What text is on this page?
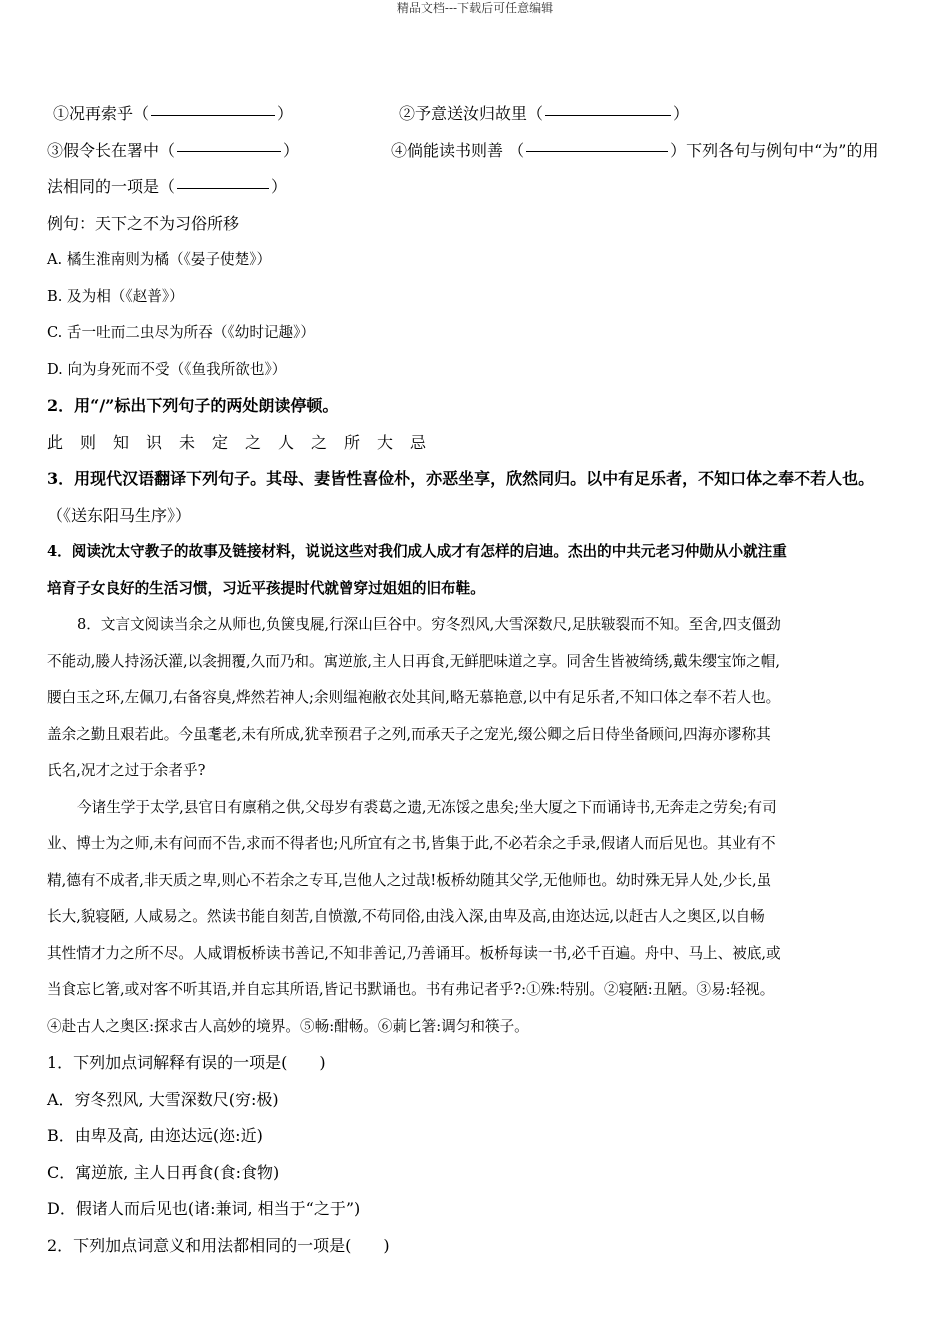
精品文档---下载后可任意编辑
①况再索乎（	）	②予意送汝归故里（	）
③假令长在署中（	）	④倘能读书则善 （	）下列各句与例句中“为”的用
法相同的一项是（	）
例句：天下之不为习俗所移
A. 橘生淮南则为橘（《晏子使楚》）
B. 及为相（《赵普》）
C. 舌一吐而二虫尽为所吞（《幼时记趣》）
D. 向为身死而不受（《鱼我所欲也》）
2．用“/”标出下列句子的两处朗读停顿。
此则知识未定之人之所大忌
3．用现代汉语翻译下列句子。其母、妻皆性喜俭朴，亦恶坐享，欣然同归。以中有足乐者，不知口体之奉不若人也。
（《送东阳马生序》）
4．阅读沈太守教子的故事及链接材料，说说这些对我们成人成才有怎样的启迪。杰出的中共元老习仲勋从小就注重
培育子女良好的生活习惯，习近平孩提时代就曾穿过姐姐的旧布鞋。
8．文言文阅读当余之从师也,负箧曳屣,行深山巨谷中。穷冬烈风,大雪深数尺,足肤皲裂而不知。至舍,四支僵劲
不能动,媵人持汤沃灌,以衾拥覆,久而乃和。寓逆旅,主人日再食,无鲜肥味道之享。同舍生皆被绮绣,戴朱缨宝饰之帽,
腰白玉之环,左佩刀,右备容臭,烨然若神人;余则缊袍敝衣处其间,略无慕艳意,以中有足乐者,不知口体之奉不若人也。
盖余之勤且艰若此。今虽耄老,未有所成,犹幸预君子之列,而承天子之宠光,缀公卿之后日侍坐备顾问,四海亦谬称其
氏名,况才之过于余者乎?
今诸生学于太学,县官日有廪稍之供,父母岁有裘葛之遗,无冻馁之患矣;坐大厦之下而诵诗书,无奔走之劳矣;有司
业、博士为之师,未有问而不告,求而不得者也;凡所宜有之书,皆集于此,不必若余之手录,假诸人而后见也。其业有不
精,德有不成者,非天质之卑,则心不若余之专耳,岂他人之过哉!板桥幼随其父学,无他师也。幼时殊无异人处,少长,虽
长大,貌寝陋, 人咸易之。然读书能自刻苦,自愤激,不苟同俗,由浅入深,由卑及高,由迩达远,以赶古人之奥区,以自畅
其性情才力之所不尽。人咸谓板桥读书善记,不知非善记,乃善诵耳。板桥每读一书,必千百遍。舟中、马上、被底,或
当食忘匕箸,或对客不听其语,并自忘其所语,皆记书默诵也。书有弗记者乎?:①殊:特别。②寝陋:丑陋。③易:轻视。
④赴古人之奥区:探求古人高妙的境界。⑤畅:酣畅。⑥莿匕箸:调匀和筷子。
1．下列加点词解释有误的一项是(　　)
A．穷冬烈风, 大雪深数尺(穷:极)
B．由卑及高, 由迩达远(迩:近)
C．寓逆旅, 主人日再食(食:食物)
D．假诸人而后见也(诸:兼词, 相当于“之于”)
2．下列加点词意义和用法都相同的一项是(　　)
